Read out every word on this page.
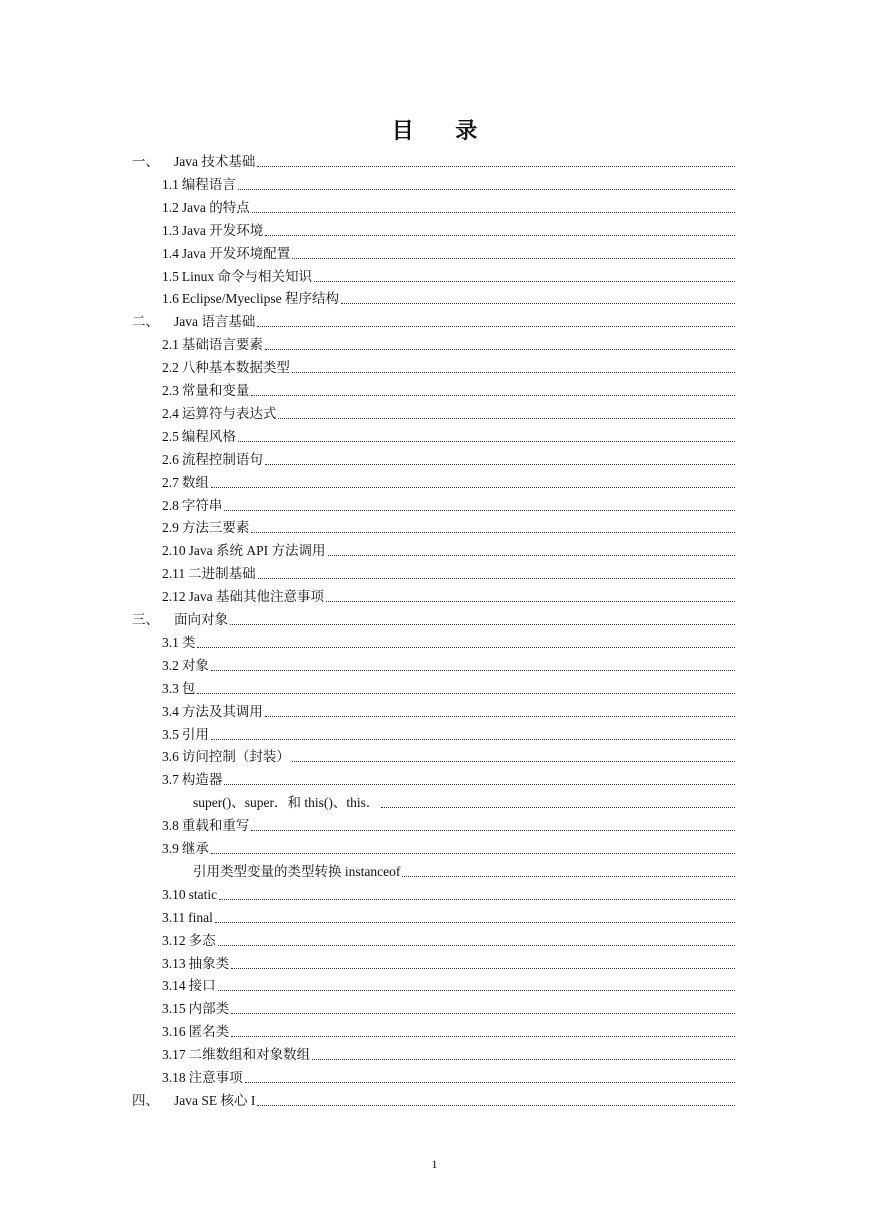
目 录
一、	Java 技术基础
1.1 编程语言
1.2 Java 的特点
1.3 Java 开发环境
1.4 Java 开发环境配置
1.5 Linux 命令与相关知识
1.6 Eclipse/Myeclipse 程序结构
二、	Java 语言基础
2.1 基础语言要素
2.2 八种基本数据类型
2.3 常量和变量
2.4 运算符与表达式
2.5 编程风格
2.6 流程控制语句
2.7 数组
2.8 字符串
2.9 方法三要素
2.10 Java 系统 API 方法调用
2.11 二进制基础
2.12 Java 基础其他注意事项
三、	面向对象
3.1 类
3.2 对象
3.3 包
3.4 方法及其调用
3.5 引用
3.6 访问控制（封装）
3.7 构造器
super()、super．和 this()、this．
3.8 重载和重写
3.9 继承
引用类型变量的类型转换 instanceof
3.10 static
3.11 final
3.12 多态
3.13 抽象类
3.14 接口
3.15 内部类
3.16 匿名类
3.17 二维数组和对象数组
3.18 注意事项
四、	Java SE 核心 I
1
